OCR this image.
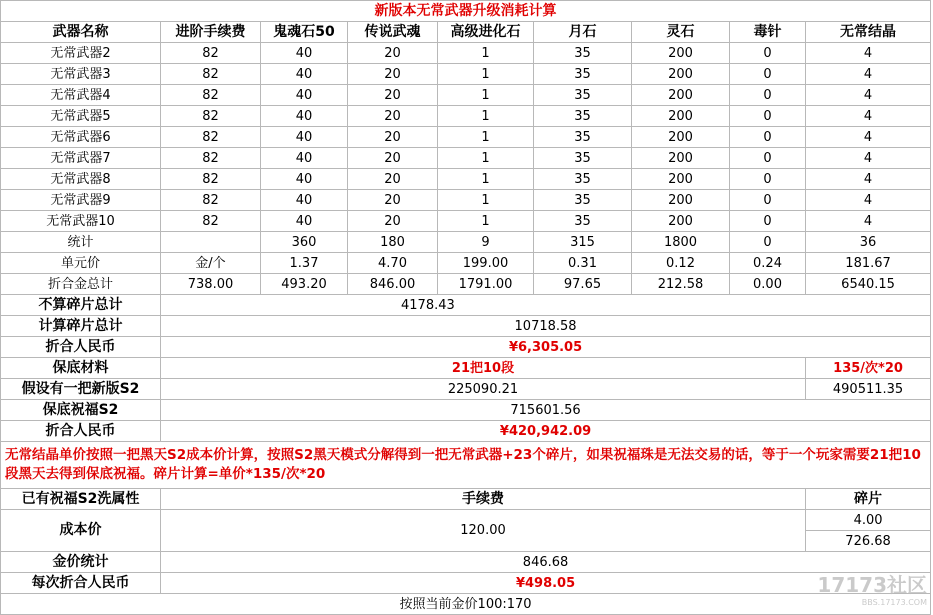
新版本无常武器升级消耗计算								
武器名称	进阶手续费	鬼魂石50	传说武魂	高级进化石	月石	灵石	毒针	无常结晶
无常武器2	82	40	20	1	35	200	0	4
无常武器3	82	40	20	1	35	200	0	4
无常武器4	82	40	20	1	35	200	0	4
无常武器5	82	40	20	1	35	200	0	4
无常武器6	82	40	20	1	35	200	0	4
无常武器7	82	40	20	1	35	200	0	4
无常武器8	82	40	20	1	35	200	0	4
无常武器9	82	40	20	1	35	200	0	4
无常武器10	82	40	20	1	35	200	0	4
统计		360	180	9	315	1800	0	36
单元价	金/个	1.37	4.70	199.00	0.31	0.12	0.24	181.67
折合金总计	738.00	493.20	846.00	1791.00	97.65	212.58	0.00	6540.15
不算碎片总计	4178.43							
计算碎片总计	10718.58							
折合人民币	¥6,305.05							
保底材料	21把10段							135/次*20
假设有一把新版S2	225090.21							490511.35
保底祝福S2	715601.56							
折合人民币	¥420,942.09							
无常结晶单价按照一把黑天S2成本价计算，按照S2黑天模式分解得到一把无常武器+23个碎片，如果祝福珠是无法交易的话，等于一个玩家需要21把10段黑天去得到保底祝福。碎片计算=单价*135/次*20								
已有祝福S2洗属性	手续费							碎片
成本价	120.00							4.00
								726.68
金价统计	846.68							
每次折合人民币	¥498.05							
按照当前金价100:170								
17173社区
BBS.17173.COM
